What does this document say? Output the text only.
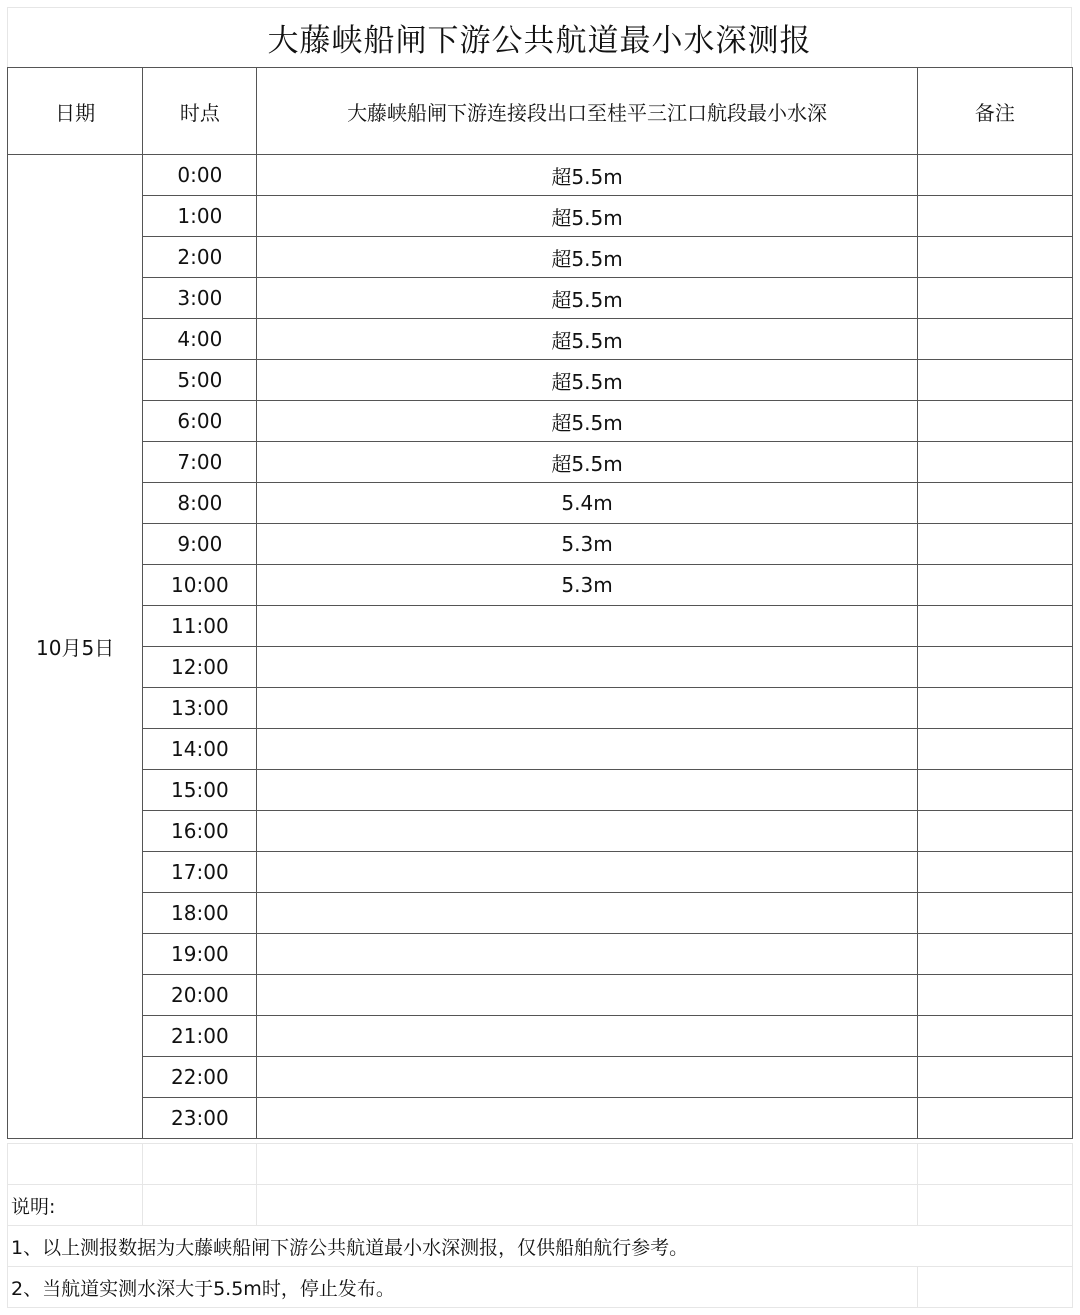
大藤峡船闸下游公共航道最小水深测报
日期	时点	大藤峡船闸下游连接段出口至桂平三江口航段最小水深	备注
10月5日	0:00	超5.5m	
	1:00	超5.5m	
	2:00	超5.5m	
	3:00	超5.5m	
	4:00	超5.5m	
	5:00	超5.5m	
	6:00	超5.5m	
	7:00	超5.5m	
	8:00	5.4m	
	9:00	5.3m	
	10:00	5.3m	
	11:00		
	12:00		
	13:00		
	14:00		
	15:00		
	16:00		
	17:00		
	18:00		
	19:00		
	20:00		
	21:00		
	22:00		
	23:00		

说明:			
1、以上测报数据为大藤峡船闸下游公共航道最小水深测报，仅供船舶航行参考。			
2、当航道实测水深大于5.5m时，停止发布。			
